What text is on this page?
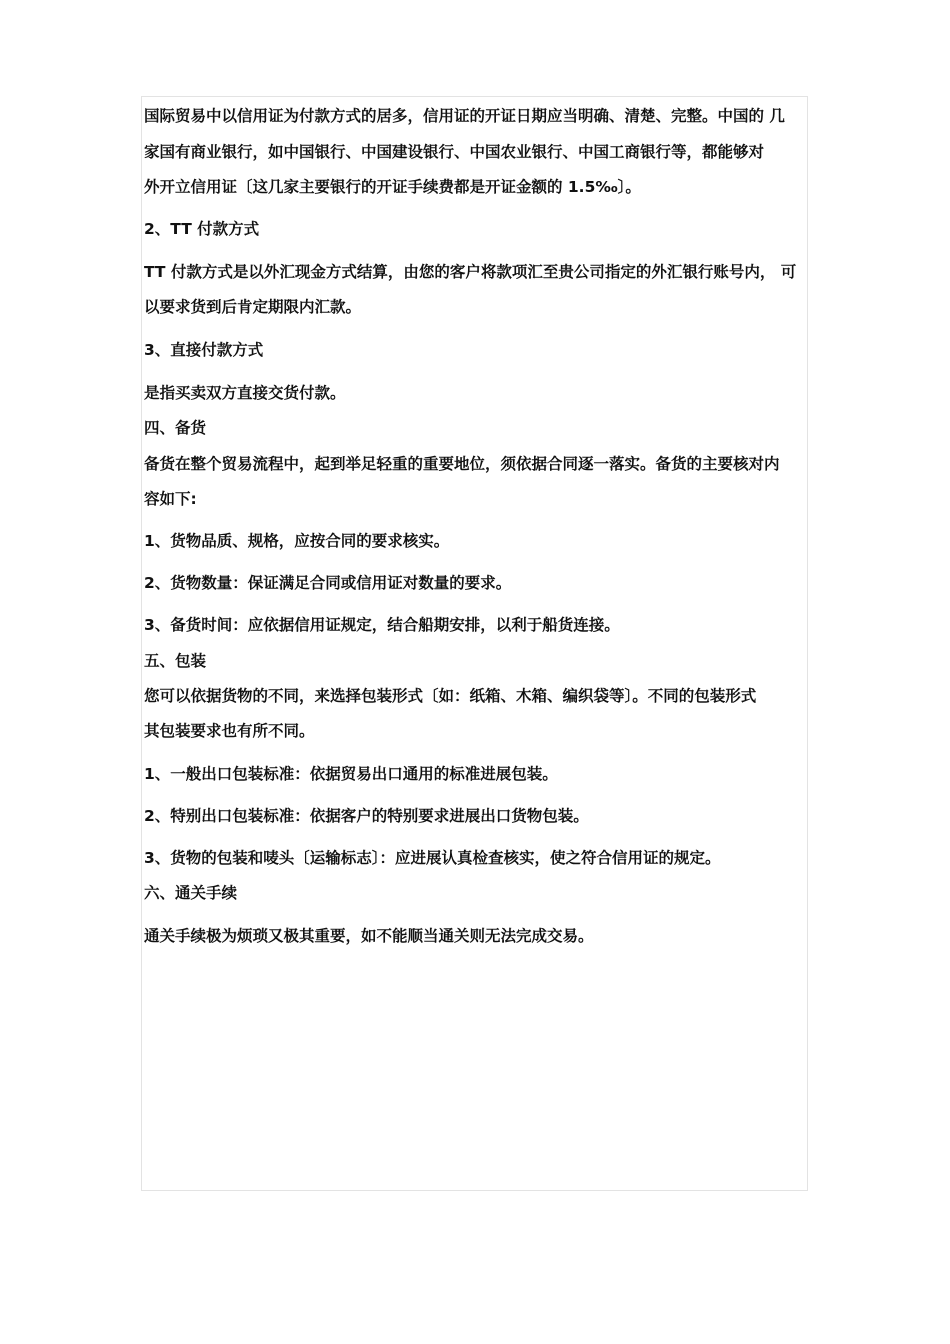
国际贸易中以信用证为付款方式的居多，信用证的开证日期应当明确、清楚、完整。中国的 几
家国有商业银行，如中国银行、中国建设银行、中国农业银行、中国工商银行等，都能够对
外开立信用证〔这几家主要银行的开证手续费都是开证金额的 1.5‰〕。
2、TT 付款方式
TT 付款方式是以外汇现金方式结算，由您的客户将款项汇至贵公司指定的外汇银行账号内， 可
以要求货到后肯定期限内汇款。
3、直接付款方式
是指买卖双方直接交货付款。
四、备货
备货在整个贸易流程中，起到举足轻重的重要地位，须依据合同逐一落实。备货的主要核对内
容如下:
1、货物品质、规格，应按合同的要求核实。
2、货物数量：保证满足合同或信用证对数量的要求。
3、备货时间：应依据信用证规定，结合船期安排，以利于船货连接。
五、包装
您可以依据货物的不同，来选择包装形式〔如：纸箱、木箱、编织袋等〕。不同的包装形式
其包装要求也有所不同。
1、一般出口包装标准：依据贸易出口通用的标准进展包装。
2、特别出口包装标准：依据客户的特别要求进展出口货物包装。
3、货物的包装和唛头〔运输标志〕：应进展认真检查核实，使之符合信用证的规定。
六、通关手续
通关手续极为烦琐又极其重要，如不能顺当通关则无法完成交易。
